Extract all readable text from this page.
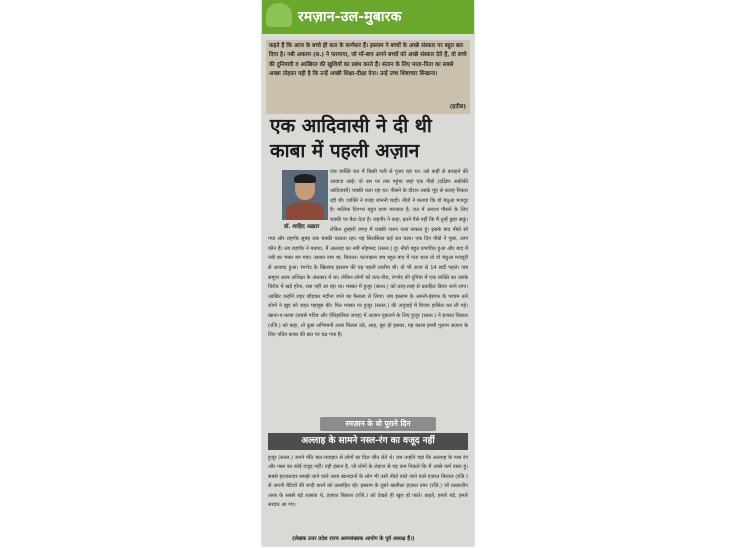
रमज़ान-उल-मुबारक
कहते हैं कि आज के बच्चे ही कल के कर्णधार हैं। इस्लाम ने बच्चों के अच्छे संस्कार पर बहुत बल दिया है। नबी अकरम (स.) ने फरमाया, जो माँ-बाप अपने बच्चों को अच्छे संस्कार देते हैं, वो बच्चे की दुनियावी व आखिरत की खुशियों का प्रबंध करते हैं। संतान के लिए माता-पिता का सबसे अच्छा तोहफ़ा यही है कि उन्हें अच्छी शिक्षा-दीक्षा देना। उन्हें उच्च शिष्टाचार सिखाना।
(हदीस)
एक आदिवासी ने दी थी
काबा में पहली अज़ान
एक व्यक्ति रात में किसी गली से गुजर रहा था। उसे कहीं से कराहने की आवाज आई। वो उस घर तक पहुंचा जहां एक नीग्रो (दक्षिण अफ्रीकी आदिवासी) चक्की चला रहा था। पीसने के दौरान उसके मुंह से कराह निकल रही थी। व्यक्ति ने वजह जाननी चाही। नीग्रो ने बताया कि वो बंधुआ मजदूर है। मालिक दिनभर बहुत काम करवाता है, रात में अनाज पीसने के लिए चक्की पर बैठा देता है। राहगीर ने कहा, इतने पैसे नहीं कि मैं तुम्हें छुड़ा सकूं। लेकिन तुम्हारी जगह मैं चक्की जरूर चला सकता हूं। इसके बाद नीग्रो सो गया और राहगीर सुबह तक चक्की चलाता रहा। यह सिलसिला कई रात चला। एक दिन नीग्रो ने पूछा, आप कौन हैं। तब राहगीर ने बताया, मैं अल्लाह का नबी मोहम्मद (सल्ल.) हूं। नीग्रो बहुत प्रभावित हुआ और बाद में नबी का भक्त बन गया। उसका नाम था, बिलाल। घटनाक्रम जब बहुत बाद में पता चला तो वो बंधुआ मजदूरी से आजाद हुआ। रंगभेद के खिलाफ इस्लाम की यह पहली तालीम थी। वो भी आज से 14 सदी पहले। जब समूचा अरब अशिक्षा के अंधकार में था। लेकिन लोगों को ऊंच-नीच, रंगभेद की दुनिया में एक व्यक्ति का उसके विरोध में खड़े होना, रास नहीं आ रहा था। मक्का में हुजूर (सल्ल.) को तरह-तरह से प्रताड़ित किया जाने लगा। आखिर उन्होंने शहर छोड़कर मदीना जाने का फैसला ले लिया। जब इस्लाम के अमनो-इंसाफ के परचम तले लोगों ने खुद को राहत महसूस की। फिर मक्का पर हुजूर (सल्ल.) की अगुवाई में विजय हासिल कर ली गई। खाना-ए-काबा (सबसे पवित्र और ऐतिहासिक जगह) में अज़ान पुकारने के लिए हुजूर (सल्ल.) ने हजरत बिलाल (रजि.) को कहा, तो कुछ अभिमानी अरब चिल्ला उठे, आह, बुरा हो इसका, यह काला हब्शी गुलाम अज़ान के लिए पवित्र काबा की छत पर चढ़ गया है।
डॉ. शाहिद अख़्तर
रमज़ान के वो पुराने दिन
अल्लाह के सामने नस्ल-रंग का वजूद नहीं
हुजूर (सल्ल.) अपने मीठे बात-व्यवहार से लोगों का दिल जीत लेते थे। जब उन्होंने यहां कि अल्लाह के पास रंग और नस्ल का कोई वजूद नहीं। वही इंसान है, जो लोगों के लेहाज से यह कम निकले कि मैं अच्छे कर्म वाला हूं। सबसे इज़्ज़तदार समझे जाने वाले अरब खानदानों के लोग भी उसी नीग्रो वाले जाने वाले हज़रत बिलाल (रजि.) से अपनी बेटियों की शादी करने को उत्साहित रहे। इस्लाम के दूसरे खलीफ़ा हज़रत उमर (रज़ि.) जो तत्कालीन अरब के सबसे बड़े शासक थे, हज़रत बिलाल (रजि.) को देखते ही खुश हो जाते। कहते, हमारे बड़े, हमारे सरदार आ गए।
(लेखक उत्तर प्रदेश राज्य अल्पसंख्यक आयोग के पूर्व अध्यक्ष हैं।)
